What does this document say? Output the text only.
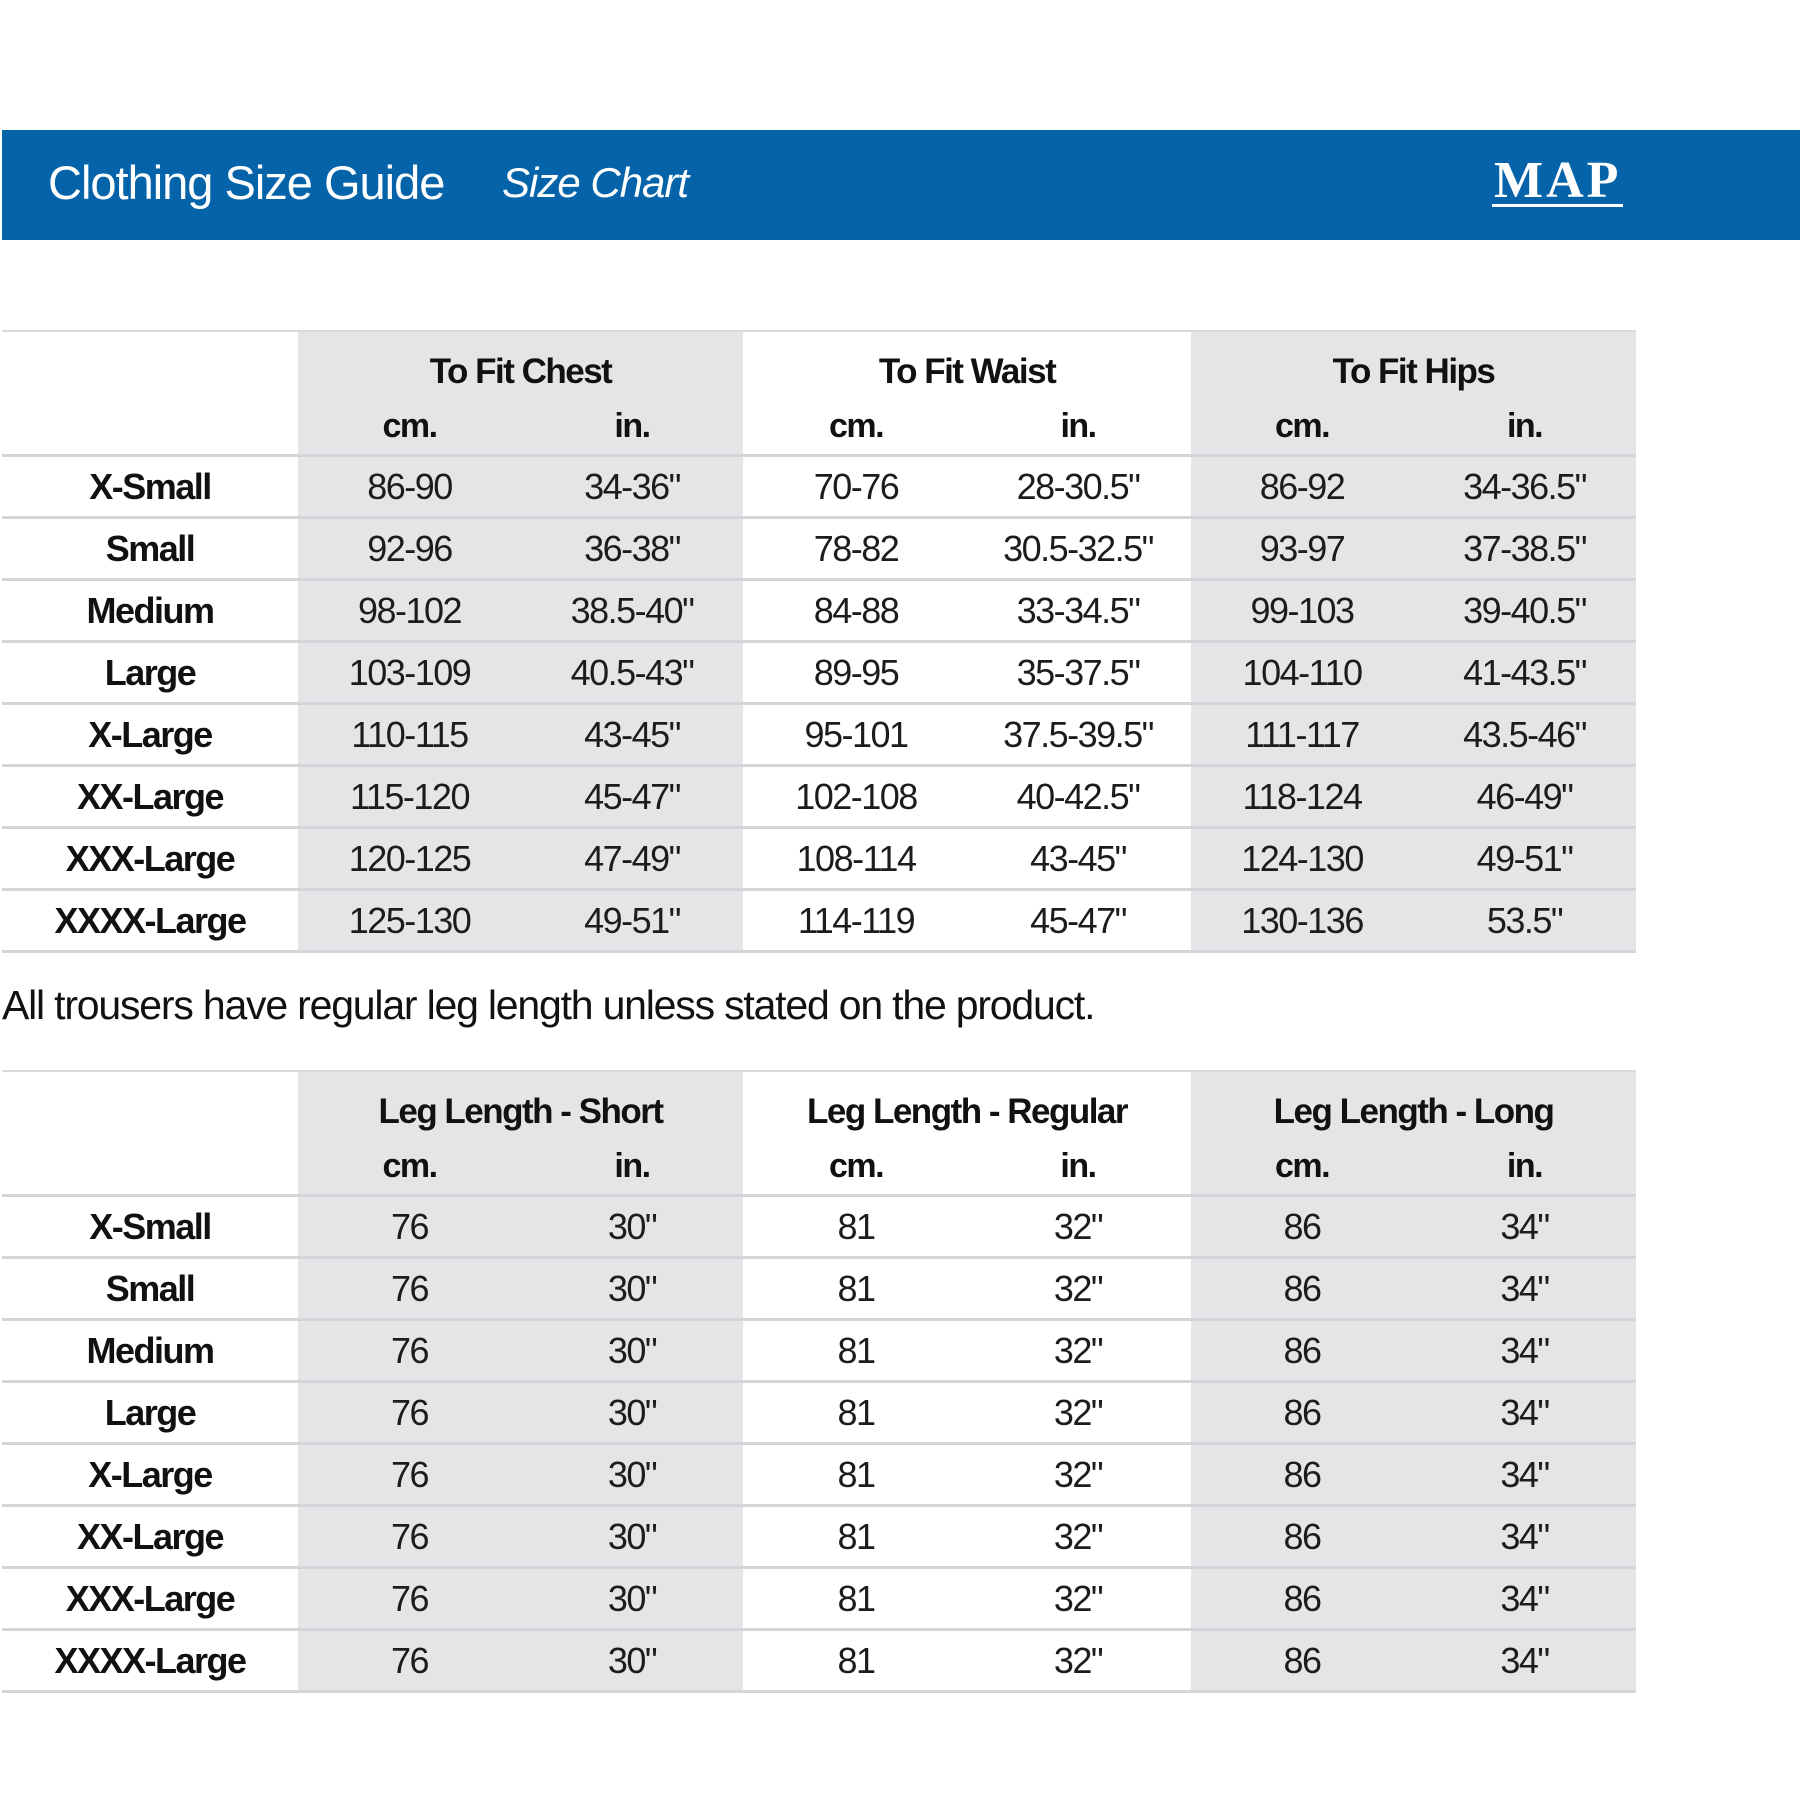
Clothing Size Guide Size Chart	MAP
	To Fit Chest		To Fit Waist		To Fit Hips	
	cm.	in.	cm.	in.	cm.	in.
X-Small	86-90	34-36"	70-76	28-30.5"	86-92	34-36.5"
Small	92-96	36-38"	78-82	30.5-32.5"	93-97	37-38.5"
Medium	98-102	38.5-40"	84-88	33-34.5"	99-103	39-40.5"
Large	103-109	40.5-43"	89-95	35-37.5"	104-110	41-43.5"
X-Large	110-115	43-45"	95-101	37.5-39.5"	111-117	43.5-46"
XX-Large	115-120	45-47"	102-108	40-42.5"	118-124	46-49"
XXX-Large	120-125	47-49"	108-114	43-45"	124-130	49-51"
XXXX-Large	125-130	49-51"	114-119	45-47"	130-136	53.5"
All trousers have regular leg length unless stated on the product.
	Leg Length - Short		Leg Length - Regular		Leg Length - Long	
	cm.	in.	cm.	in.	cm.	in.
X-Small	76	30"	81	32"	86	34"
Small	76	30"	81	32"	86	34"
Medium	76	30"	81	32"	86	34"
Large	76	30"	81	32"	86	34"
X-Large	76	30"	81	32"	86	34"
XX-Large	76	30"	81	32"	86	34"
XXX-Large	76	30"	81	32"	86	34"
XXXX-Large	76	30"	81	32"	86	34"
